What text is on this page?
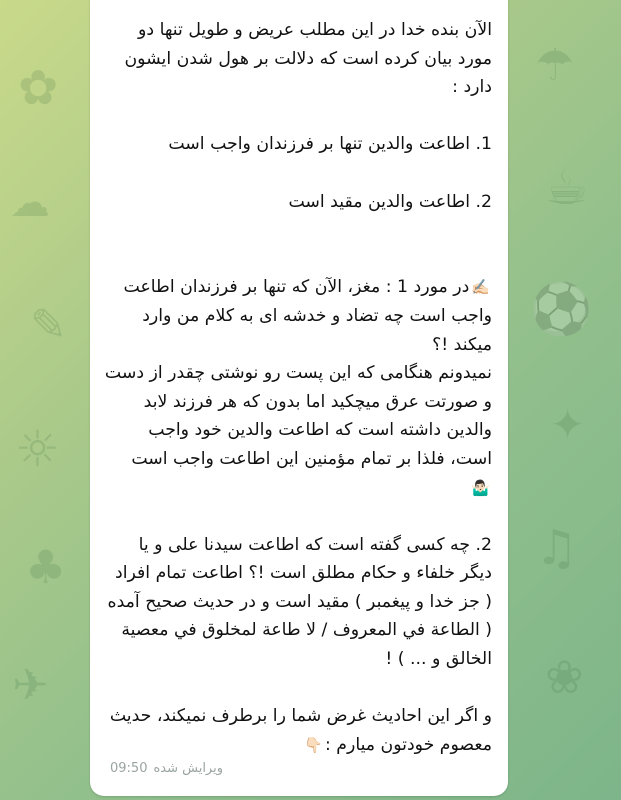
✿
☁
✎
☼
♣
✈
☂
☕
⚽
✦
♫
❀
الآن بنده خدا در این مطلب عریض و طویل تنها دو مورد بیان کرده است که دلالت بر هول شدن ایشون دارد :
1. اطاعت والدین تنها بر فرزندان واجب است
2. اطاعت والدین مقید است
✍🏻در مورد 1 : مغز، الآن که تنها بر فرزندان اطاعت واجب است چه تضاد و خدشه ای به کلام من وارد میکند !؟
نمیدونم هنگامی که این پست رو نوشتی چقدر از دست و صورتت عرق میچکید اما بدون که هر فرزند لابد والدین داشته است که اطاعت والدین خود واجب است، فلذا بر تمام مؤمنین این اطاعت واجب است 🤷🏻‍♂️
2. چه کسی گفته است که اطاعت سیدنا علی و یا دیگر خلفاء و حکام مطلق است !؟ اطاعت تمام افراد ( جز خدا و پیغمبر ) مقید است و در حدیث صحیح آمده ( الطاعة في المعروف / لا طاعة لمخلوق في معصية الخالق و ... ) !
و اگر این احادیث غرض شما را برطرف نمیکند، حدیث معصوم خودتون میارم :👇🏻
ویرایش شده09:50
